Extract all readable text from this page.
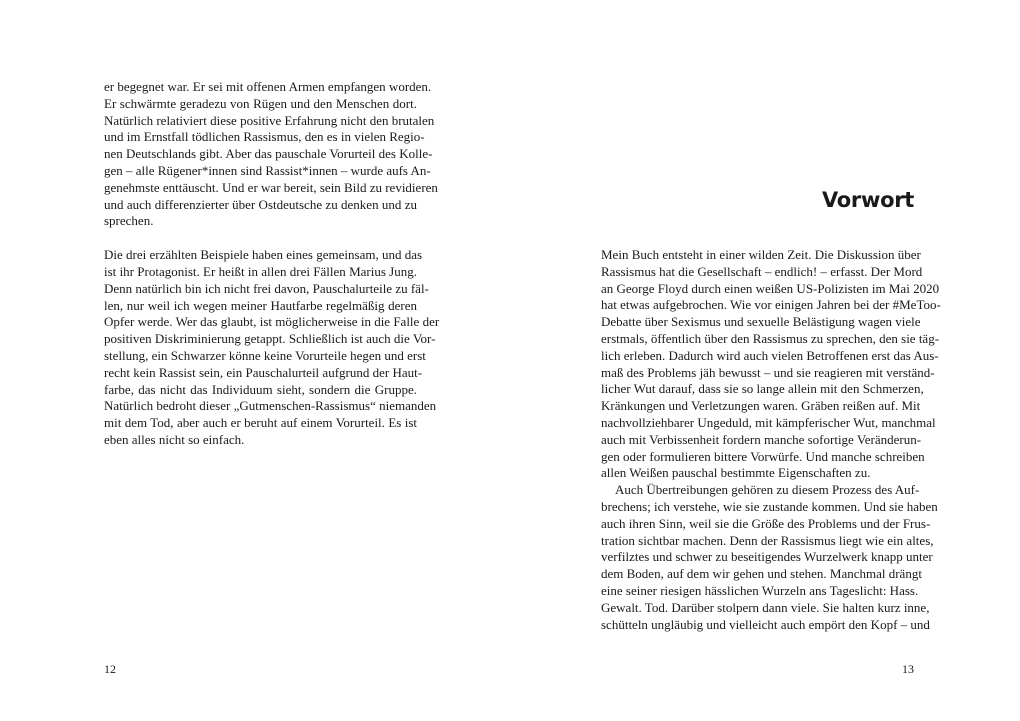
er begegnet war. Er sei mit offenen Armen empfangen worden.
Er schwärmte geradezu von Rügen und den Menschen dort.
Natürlich relativiert diese positive Erfahrung nicht den brutalen
und im Ernstfall tödlichen Rassismus, den es in vielen Regio-
nen Deutschlands gibt. Aber das pauschale Vorurteil des Kolle-
gen – alle Rügener*innen sind Rassist*innen – wurde aufs An-
genehmste enttäuscht. Und er war bereit, sein Bild zu revidieren
und auch differenzierter über Ostdeutsche zu denken und zu
sprechen.

Die drei erzählten Beispiele haben eines gemeinsam, und das
ist ihr Protagonist. Er heißt in allen drei Fällen Marius Jung.
Denn natürlich bin ich nicht frei davon, Pauschalurteile zu fäl-
len, nur weil ich wegen meiner Hautfarbe regelmäßig deren
Opfer werde. Wer das glaubt, ist möglicherweise in die Falle der
positiven Diskriminierung getappt. Schließlich ist auch die Vor-
stellung, ein Schwarzer könne keine Vorurteile hegen und erst
recht kein Rassist sein, ein Pauschalurteil aufgrund der Haut-
farbe, das nicht das Individuum sieht, sondern die Gruppe.
Natürlich bedroht dieser „Gutmenschen-Rassismus“ niemanden
mit dem Tod, aber auch er beruht auf einem Vorurteil. Es ist
eben alles nicht so einfach.

12
Vorwort

Mein Buch entsteht in einer wilden Zeit. Die Diskussion über
Rassismus hat die Gesellschaft – endlich! – erfasst. Der Mord
an George Floyd durch einen weißen US-Polizisten im Mai 2020
hat etwas aufgebrochen. Wie vor einigen Jahren bei der #MeToo-
Debatte über Sexismus und sexuelle Belästigung wagen viele
erstmals, öffentlich über den Rassismus zu sprechen, den sie täg-
lich erleben. Dadurch wird auch vielen Betroffenen erst das Aus-
maß des Problems jäh bewusst – und sie reagieren mit verständ-
licher Wut darauf, dass sie so lange allein mit den Schmerzen,
Kränkungen und Verletzungen waren. Gräben reißen auf. Mit
nachvollziehbarer Ungeduld, mit kämpferischer Wut, manchmal
auch mit Verbissenheit fordern manche sofortige Veränderun-
gen oder formulieren bittere Vorwürfe. Und manche schreiben
allen Weißen pauschal bestimmte Eigenschaften zu.

Auch Übertreibungen gehören zu diesem Prozess des Auf-
brechens; ich verstehe, wie sie zustande kommen. Und sie haben
auch ihren Sinn, weil sie die Größe des Problems und der Frus-
tration sichtbar machen. Denn der Rassismus liegt wie ein altes,
verfilztes und schwer zu beseitigendes Wurzelwerk knapp unter
dem Boden, auf dem wir gehen und stehen. Manchmal drängt
eine seiner riesigen hässlichen Wurzeln ans Tageslicht: Hass.
Gewalt. Tod. Darüber stolpern dann viele. Sie halten kurz inne,
schütteln ungläubig und vielleicht auch empört den Kopf – und

13
